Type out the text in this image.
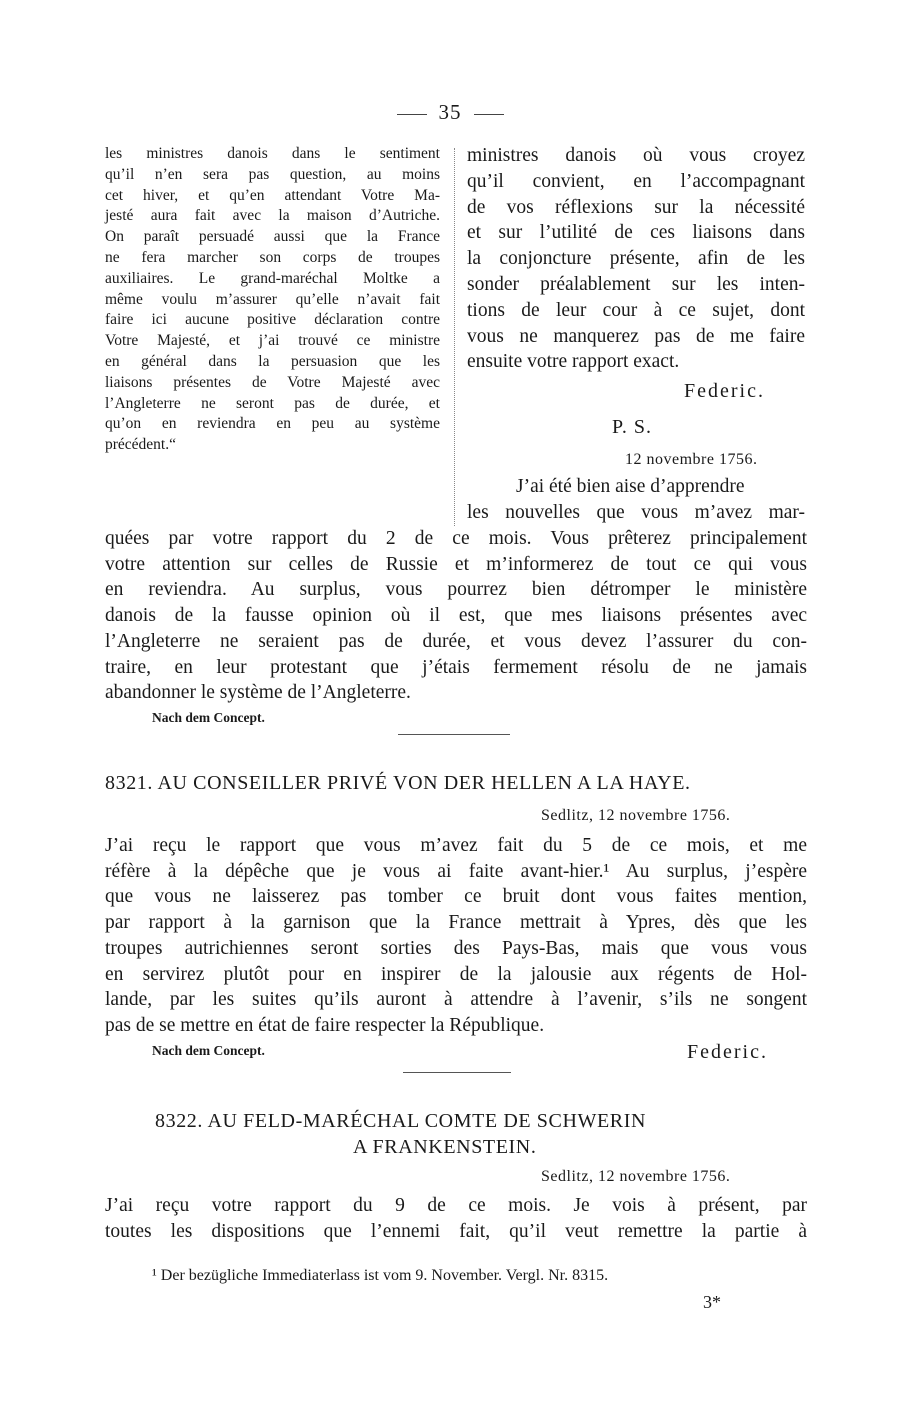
35
les ministres danois dans le sentiment
qu’il n’en sera pas question, au moins
cet hiver, et qu’en attendant Votre Ma-
jesté aura fait avec la maison d’Autriche.
On paraît persuadé aussi que la France
ne fera marcher son corps de troupes
auxiliaires. Le grand-maréchal Moltke a
même voulu m’assurer qu’elle n’avait fait
faire ici aucune positive déclaration contre
Votre Majesté, et j’ai trouvé ce ministre
en général dans la persuasion que les
liaisons présentes de Votre Majesté avec
l’Angleterre ne seront pas de durée, et
qu’on en reviendra en peu au système
précédent.“
ministres danois où vous croyez
qu’il convient, en l’accompagnant
de vos réflexions sur la nécessité
et sur l’utilité de ces liaisons dans
la conjoncture présente, afin de les
sonder préalablement sur les inten-
tions de leur cour à ce sujet, dont
vous ne manquerez pas de me faire
ensuite votre rapport exact.
Federic.
P. S.
12 novembre 1756.
J’ai été bien aise d’apprendre
les nouvelles que vous m’avez mar-
quées par votre rapport du 2 de ce mois. Vous prêterez principalement
votre attention sur celles de Russie et m’informerez de tout ce qui vous
en reviendra. Au surplus, vous pourrez bien détromper le ministère
danois de la fausse opinion où il est, que mes liaisons présentes avec
l’Angleterre ne seraient pas de durée, et vous devez l’assurer du con-
traire, en leur protestant que j’étais fermement résolu de ne jamais
abandonner le système de l’Angleterre.
Nach dem Concept.
8321. AU CONSEILLER PRIVÉ VON DER HELLEN A LA HAYE.
Sedlitz, 12 novembre 1756.
J’ai reçu le rapport que vous m’avez fait du 5 de ce mois, et me
réfère à la dépêche que je vous ai faite avant-hier.¹ Au surplus, j’espère
que vous ne laisserez pas tomber ce bruit dont vous faites mention,
par rapport à la garnison que la France mettrait à Ypres, dès que les
troupes autrichiennes seront sorties des Pays-Bas, mais que vous vous
en servirez plutôt pour en inspirer de la jalousie aux régents de Hol-
lande, par les suites qu’ils auront à attendre à l’avenir, s’ils ne songent
pas de se mettre en état de faire respecter la République.
Nach dem Concept.	Federic.
8322. AU FELD-MARÉCHAL COMTE DE SCHWERIN
A FRANKENSTEIN.
Sedlitz, 12 novembre 1756.
J’ai reçu votre rapport du 9 de ce mois. Je vois à présent, par
toutes les dispositions que l’ennemi fait, qu’il veut remettre la partie à
¹ Der bezügliche Immediaterlass ist vom 9. November. Vergl. Nr. 8315.
3*
